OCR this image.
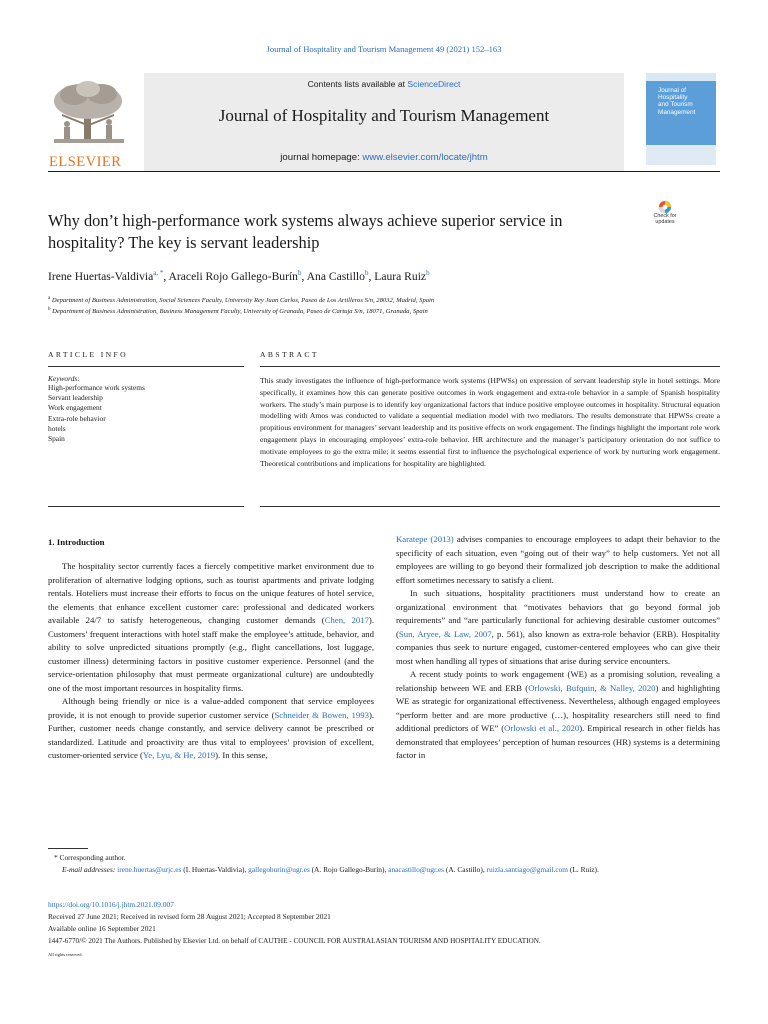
Journal of Hospitality and Tourism Management 49 (2021) 152–163
ELSEVIER
Contents lists available at ScienceDirect
Journal of Hospitality and Tourism Management
journal homepage: www.elsevier.com/locate/jhtm
Journal of
Hospitality
and Tourism
Management
Why don’t high-performance work systems always achieve superior service in hospitality? The key is servant leadership
Check for
updates
Irene Huertas-Valdivia$^{a, *}$, Araceli Rojo Gallego-Burín$^b$, Ana Castillo$^b$, Laura Ruiz$^b$
$^a$ Department of Business Administration, Social Sciences Faculty, University Rey Juan Carlos, Paseo de Los Artilleros S/n, 28032, Madrid, Spain
$^b$ Department of Business Administration, Business Management Faculty, University of Granada, Paseo de Cartuja S/n, 18071, Granada, Spain
ARTICLE INFO	ABSTRACT
Keywords:
High-performance work systems
Servant leadership
Work engagement
Extra-role behavior
hotels
Spain
This study investigates the influence of high-performance work systems (HPWSs) on expression of servant leadership style in hotel settings. More specifically, it examines how this can generate positive outcomes in work engagement and extra-role behavior in a sample of Spanish hospitality workers. The study’s main purpose is to identify key organizational factors that induce positive employee outcomes in hospitality. Structural equation modelling with Amos was conducted to validate a sequential mediation model with two mediators. The results demonstrate that HPWSs create a propitious environment for managers’ servant leadership and its positive effects on work engagement. The findings highlight the important role work engagement plays in encouraging employees’ extra-role behavior. HR architecture and the manager’s participatory orientation do not suffice to motivate employees to go the extra mile; it seems essential first to influence the psychological experience of work by nurturing work engagement. Theoretical contributions and implications for hospitality are highlighted.
1. Introduction

The hospitality sector currently faces a fiercely competitive market environment due to proliferation of alternative lodging options, such as tourist apartments and private lodging rentals. Hoteliers must increase their efforts to focus on the unique features of hotel service, the elements that enhance excellent customer care: professional and dedicated workers available 24/7 to satisfy heterogeneous, changing customer demands (Chen, 2017). Customers’ frequent interactions with hotel staff make the employee’s attitude, behavior, and ability to solve unpredicted situations promptly (e.g., flight cancellations, lost luggage, customer illness) determining factors in positive customer experience. Personnel (and the service-orientation philosophy that must permeate organizational culture) are undoubtedly one of the most important resources in hospitality firms.

Although being friendly or nice is a value-added component that service employees provide, it is not enough to provide superior customer service (Schneider & Bowen, 1993). Further, customer needs change constantly, and service delivery cannot be prescribed or standardized. Latitude and proactivity are thus vital to employees’ provision of excellent, customer-oriented service (Ye, Lyu, & He, 2019). In this sense,

Karatepe (2013) advises companies to encourage employees to adapt their behavior to the specificity of each situation, even “going out of their way” to help customers. Yet not all employees are willing to go beyond their formalized job description to make the additional effort sometimes necessary to satisfy a client.

In such situations, hospitality practitioners must understand how to create an organizational environment that “motivates behaviors that go beyond formal job requirements” and “are particularly functional for achieving desirable customer outcomes” (Sun, Aryee, & Law, 2007, p. 561), also known as extra-role behavior (ERB). Hospitality companies thus seek to nurture engaged, customer-centered employees who can give their most when handling all types of situations that arise during service encounters.

A recent study points to work engagement (WE) as a promising solution, revealing a relationship between WE and ERB (Orlowski, Bufquin, & Nalley, 2020) and highlighting WE as strategic for organizational effectiveness. Nevertheless, although engaged employees “perform better and are more productive (…), hospitality researchers still need to find additional predictors of WE” (Orlowski et al., 2020). Empirical research in other fields has demonstrated that employees’ perception of human resources (HR) systems is a determining factor in

* Corresponding author.
E-mail addresses: irene.huertas@urjc.es (I. Huertas-Valdivia), gallegoburin@ugr.es (A. Rojo Gallego-Burín), anacastillo@ugr.es (A. Castillo), ruizla.santiago@gmail.com (L. Ruiz).
https://doi.org/10.1016/j.jhtm.2021.09.007
Received 27 June 2021; Received in revised form 28 August 2021; Accepted 8 September 2021
Available online 16 September 2021
1447-6770/© 2021 The Authors. Published by Elsevier Ltd. on behalf of CAUTHE - COUNCIL FOR AUSTRALASIAN TOURISM AND HOSPITALITY EDUCATION.
All rights reserved.
